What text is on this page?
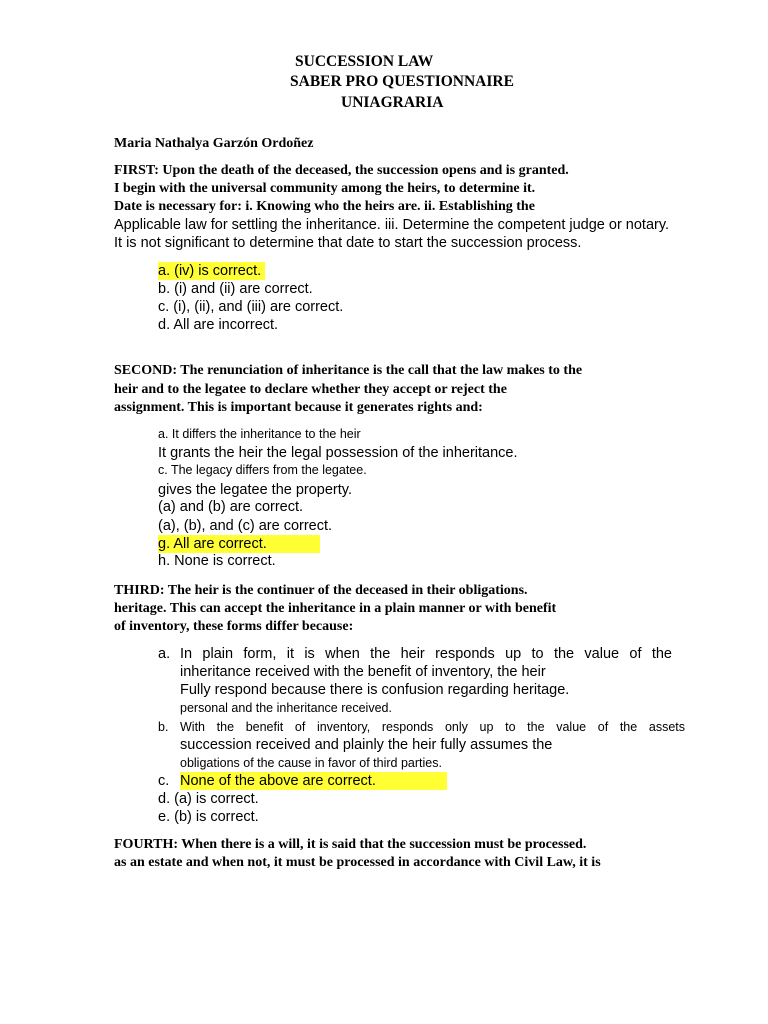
SUCCESSION LAW
SABER PRO QUESTIONNAIRE
UNIAGRARIA
Maria Nathalya Garzón Ordoñez
FIRST: Upon the death of the deceased, the succession opens and is granted.
I begin with the universal community among the heirs, to determine it.
Date is necessary for: i. Knowing who the heirs are. ii. Establishing the
Applicable law for settling the inheritance. iii. Determine the competent judge or notary.
It is not significant to determine that date to start the succession process.
a. (iv) is correct.
b. (i) and (ii) are correct.
c. (i), (ii), and (iii) are correct.
d. All are incorrect.
SECOND: The renunciation of inheritance is the call that the law makes to the
heir and to the legatee to declare whether they accept or reject the
assignment. This is important because it generates rights and:
a. It differs the inheritance to the heir
It grants the heir the legal possession of the inheritance.
c. The legacy differs from the legatee.
gives the legatee the property.
(a) and (b) are correct.
(a), (b), and (c) are correct.
g. All are correct.
h. None is correct.
THIRD: The heir is the continuer of the deceased in their obligations.
heritage. This can accept the inheritance in a plain manner or with benefit
of inventory, these forms differ because:
a. In plain form, it is when the heir responds up to the value of the
inheritance received with the benefit of inventory, the heir
Fully respond because there is confusion regarding heritage.
personal and the inheritance received.
b. With the benefit of inventory, responds only up to the value of the assets
succession received and plainly the heir fully assumes the
obligations of the cause in favor of third parties.
c. None of the above are correct.
d. (a) is correct.
e. (b) is correct.
FOURTH: When there is a will, it is said that the succession must be processed.
as an estate and when not, it must be processed in accordance with Civil Law, it is
